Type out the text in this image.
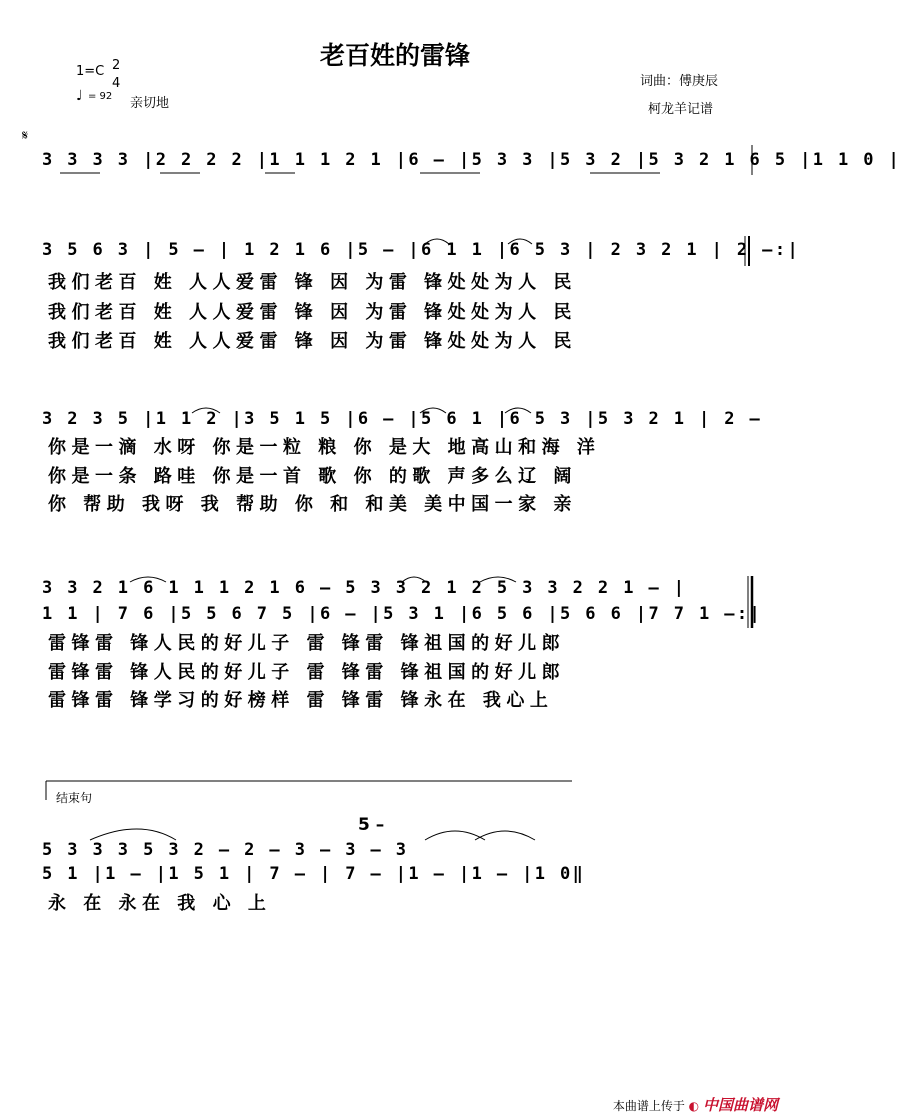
老百姓的雷锋
1=C 2
4
♩ = 92 亲切地
词曲：傅庚辰
柯龙羊记谱
𝄋
3 3 3 3 |2 2 2 2 |1 1 1 2 1 |6 – |5 3 3 |5 3 2 |5 3 2 1 6 5 |1 1 0 |
3 5 6 3 | 5 – | 1 2 1 6 |5 – |6 1 1 |6 5 3 | 2 3 2 1 | 2 –:|
我们老百 姓 人人爱雷 锋 因 为雷 锋处处为人 民
我们老百 姓 人人爱雷 锋 因 为雷 锋处处为人 民
我们老百 姓 人人爱雷 锋 因 为雷 锋处处为人 民
3 2 3 5 |1 1 2 |3 5 1 5 |6 – |5 6 1 |6 5 3 |5 3 2 1 | 2 –
你是一滴 水呀 你是一粒 粮 你 是大 地高山和海 洋
你是一条 路哇 你是一首 歌 你 的歌 声多么辽 阔
你 帮助 我呀 我 帮助 你 和 和美 美中国一家 亲
3 3 2 1 6 1 1 1 2 1 6 – 5 3 3 2 1 2 5 3 3 2 2 1 – |
1 1 | 7 6 |5 5 6 7 5 |6 – |5 3 1 |6 5 6 |5 6 6 |7 7 1 –:|
雷锋雷 锋人民的好儿子 雷 锋雷 锋祖国的好儿郎
雷锋雷 锋人民的好儿子 雷 锋雷 锋祖国的好儿郎
雷锋雷 锋学习的好榜样 雷 锋雷 锋永在 我心上
结束句
5 –
5 3 3 3 5 3 2 – 2 – 3 – 3 – 3
5 1 |1 – |1 5 1 | 7 – | 7 – |1 – |1 – |1 0‖
永 在 永在 我 心 上
本曲谱上传于 ◐ 中国曲谱网
